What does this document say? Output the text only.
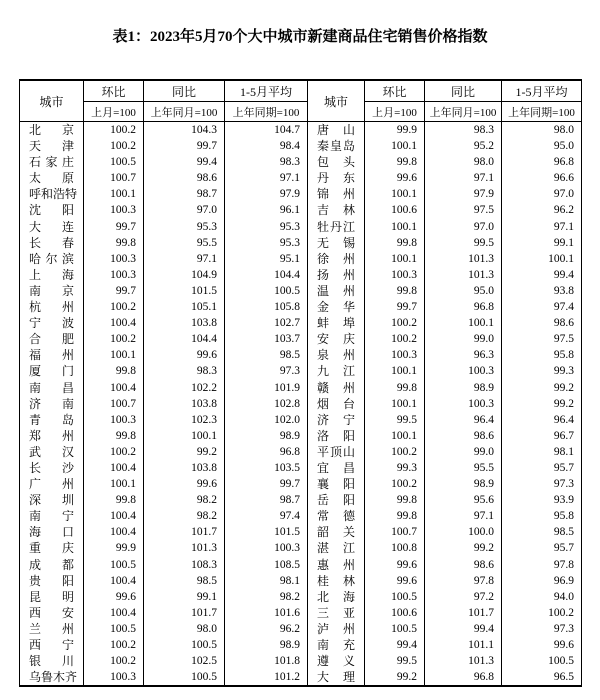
表1：2023年5月70个大中城市新建商品住宅销售价格指数
城市	环比	同比	1-5月平均	城市	环比	同比	1-5月平均
	上月=100	上年同月=100	上年同期=100		上月=100	上年同月=100	上年同期=100
北京	100.2	104.3	104.7	唐山	99.9	98.3	98.0
天津	100.2	99.7	98.4	秦皇岛	100.1	95.2	95.0
石家庄	100.5	99.4	98.3	包头	99.8	98.0	96.8
太原	100.7	98.6	97.1	丹东	99.6	97.1	96.6
呼和浩特	100.1	98.7	97.9	锦州	100.1	97.9	97.0
沈阳	100.3	97.0	96.1	吉林	100.6	97.5	96.2
大连	99.7	95.3	95.3	牡丹江	100.1	97.0	97.1
长春	99.8	95.5	95.3	无锡	99.8	99.5	99.1
哈尔滨	100.3	97.1	95.1	徐州	100.1	101.3	100.1
上海	100.3	104.9	104.4	扬州	100.3	101.3	99.4
南京	99.7	101.5	100.5	温州	99.8	95.0	93.8
杭州	100.2	105.1	105.8	金华	99.7	96.8	97.4
宁波	100.4	103.8	102.7	蚌埠	100.2	100.1	98.6
合肥	100.2	104.4	103.7	安庆	100.2	99.0	97.5
福州	100.1	99.6	98.5	泉州	100.3	96.3	95.8
厦门	99.8	98.3	97.3	九江	100.1	100.3	99.3
南昌	100.4	102.2	101.9	赣州	99.8	98.9	99.2
济南	100.7	103.8	102.8	烟台	100.1	100.3	99.2
青岛	100.3	102.3	102.0	济宁	99.5	96.4	96.4
郑州	99.8	100.1	98.9	洛阳	100.1	98.6	96.7
武汉	100.2	99.2	96.8	平顶山	100.2	99.0	98.1
长沙	100.4	103.8	103.5	宜昌	99.3	95.5	95.7
广州	100.1	99.6	99.7	襄阳	100.2	98.9	97.3
深圳	99.8	98.2	98.7	岳阳	99.8	95.6	93.9
南宁	100.4	98.2	97.4	常德	99.8	97.1	95.8
海口	100.4	101.7	101.5	韶关	100.7	100.0	98.5
重庆	99.9	101.3	100.3	湛江	100.8	99.2	95.7
成都	100.5	108.3	108.5	惠州	99.6	98.6	97.8
贵阳	100.4	98.5	98.1	桂林	99.6	97.8	96.9
昆明	99.6	99.1	98.2	北海	100.5	97.2	94.0
西安	100.4	101.7	101.6	三亚	100.6	101.7	100.2
兰州	100.5	98.0	96.2	泸州	100.5	99.4	97.3
西宁	100.2	100.5	98.9	南充	99.4	101.1	99.6
银川	100.2	102.5	101.8	遵义	99.5	101.3	100.5
乌鲁木齐	100.3	100.5	101.2	大理	99.2	96.8	96.5
